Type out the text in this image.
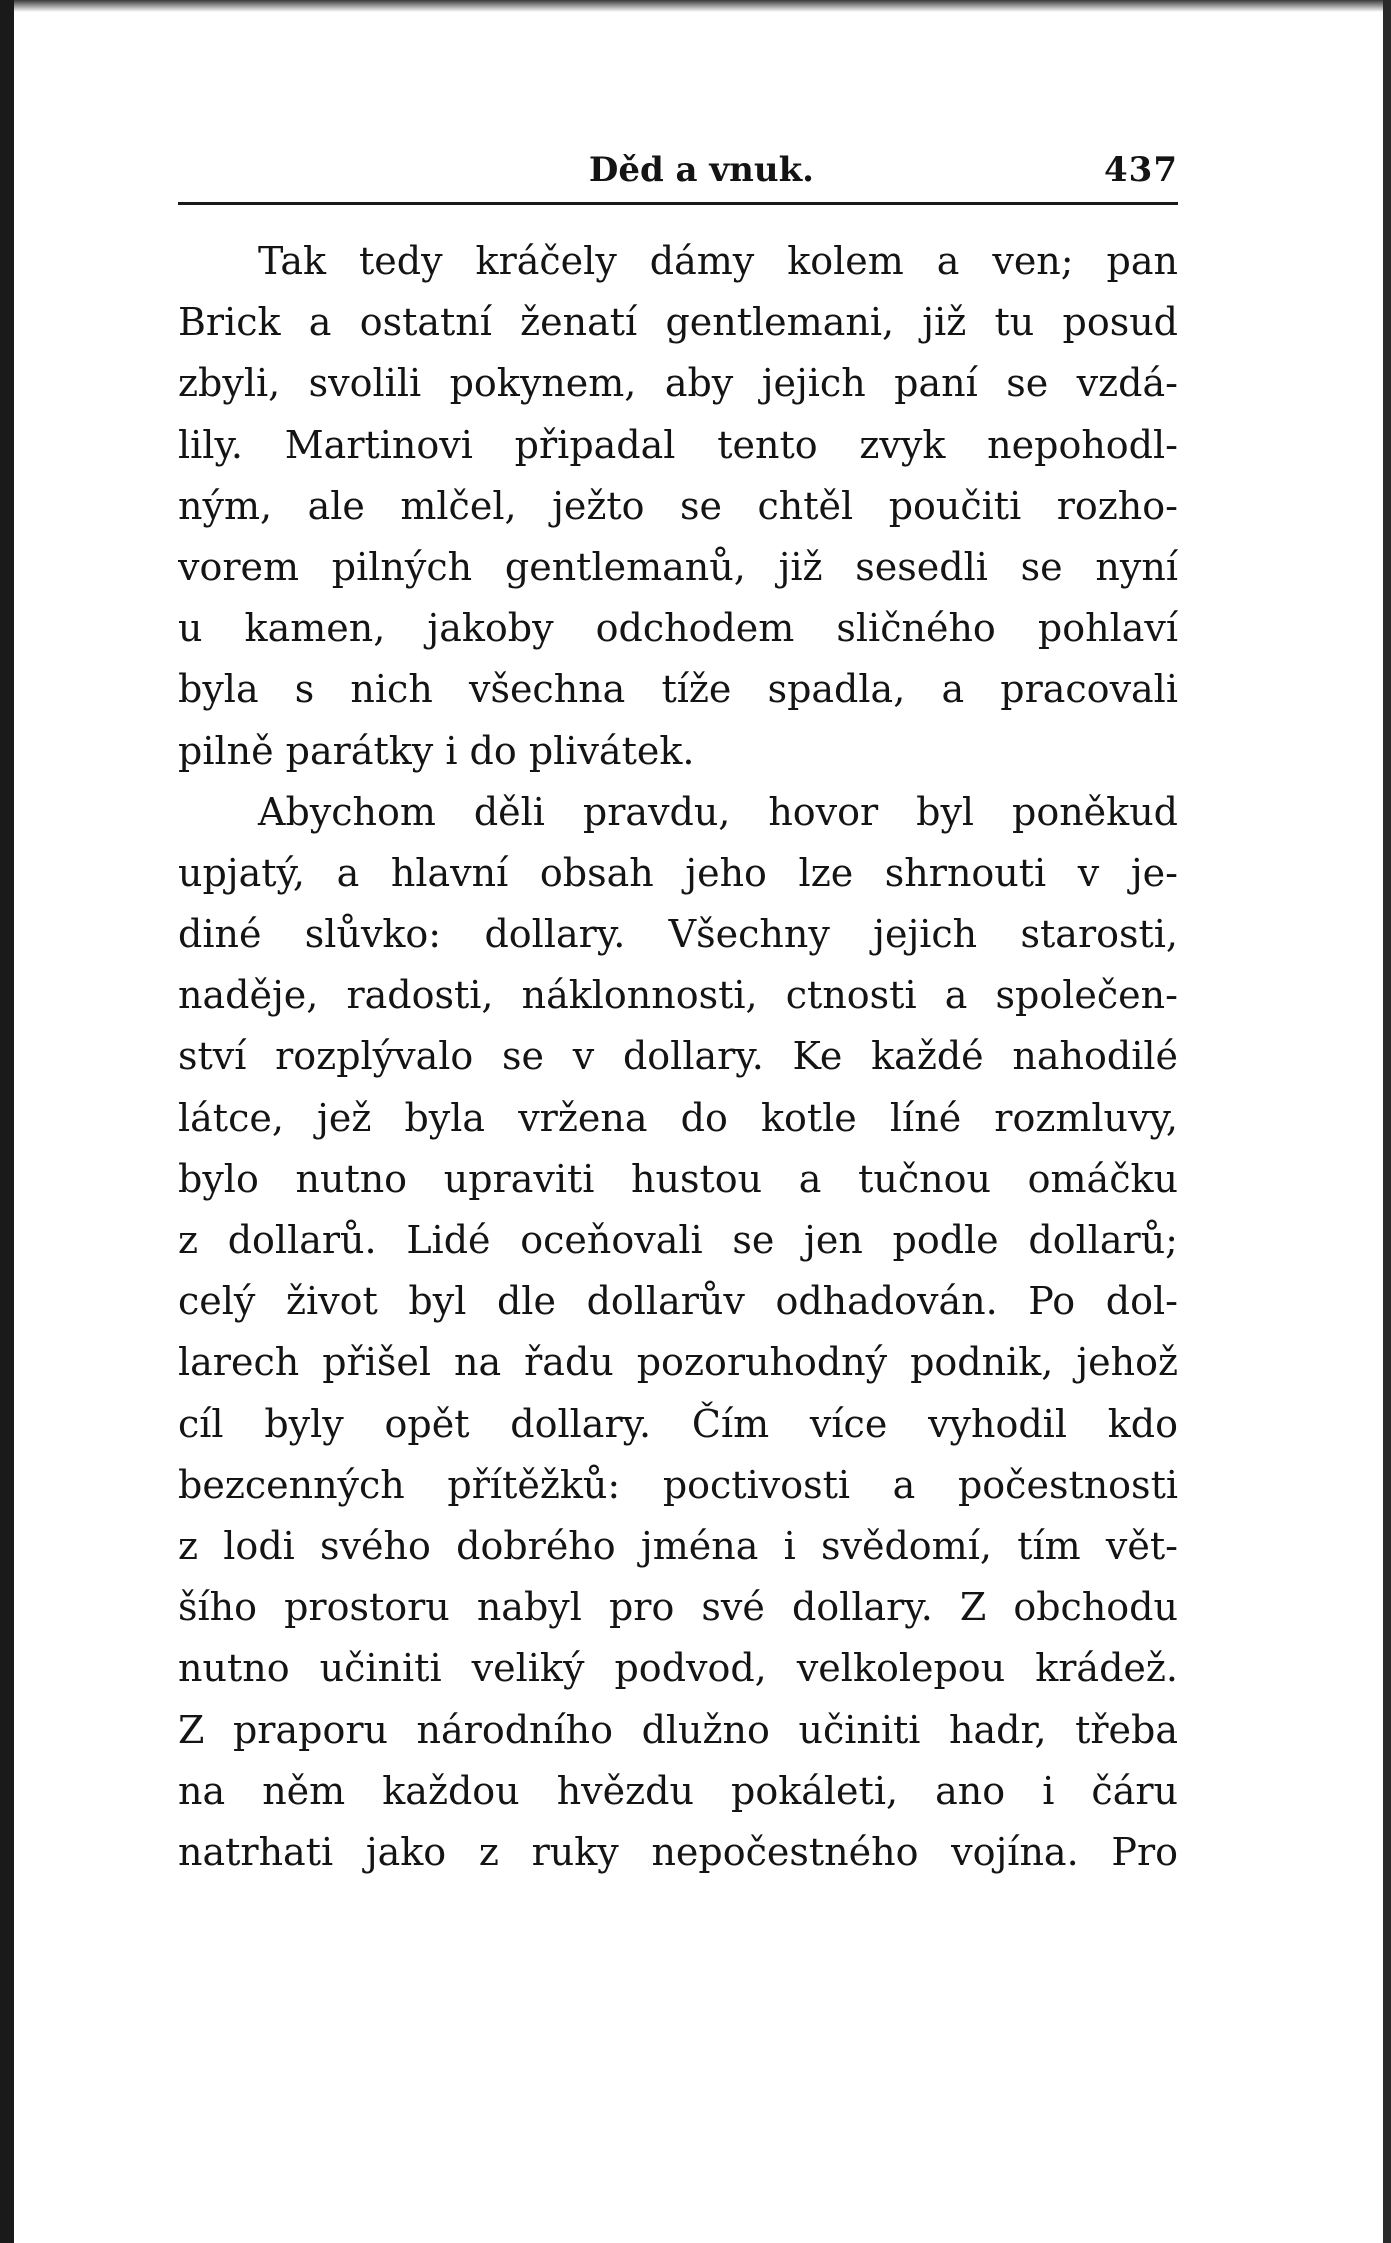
Děd a vnuk.	437
Tak tedy kráčely dámy kolem a ven; pan
Brick a ostatní ženatí gentlemani, již tu posud
zbyli, svolili pokynem, aby jejich paní se vzdá-
lily. Martinovi připadal tento zvyk nepohodl-
ným, ale mlčel, ježto se chtěl poučiti rozho-
vorem pilných gentlemanů, již sesedli se nyní
u kamen, jakoby odchodem sličného pohlaví
byla s nich všechna tíže spadla, a pracovali
pilně parátky i do plivátek.
Abychom děli pravdu, hovor byl poněkud
upjatý, a hlavní obsah jeho lze shrnouti v je-
diné slůvko: dollary. Všechny jejich starosti,
naděje, radosti, náklonnosti, ctnosti a společen-
ství rozplývalo se v dollary. Ke každé nahodilé
látce, jež byla vržena do kotle líné rozmluvy,
bylo nutno upraviti hustou a tučnou omáčku
z dollarů. Lidé oceňovali se jen podle dollarů;
celý život byl dle dollarův odhadován. Po dol-
larech přišel na řadu pozoruhodný podnik, jehož
cíl byly opět dollary. Čím více vyhodil kdo
bezcenných přítěžků: poctivosti a počestnosti
z lodi svého dobrého jména i svědomí, tím vět-
šího prostoru nabyl pro své dollary. Z obchodu
nutno učiniti veliký podvod, velkolepou krádež.
Z praporu národního dlužno učiniti hadr, třeba
na něm každou hvězdu pokáleti, ano i čáru
natrhati jako z ruky nepočestného vojína. Pro
